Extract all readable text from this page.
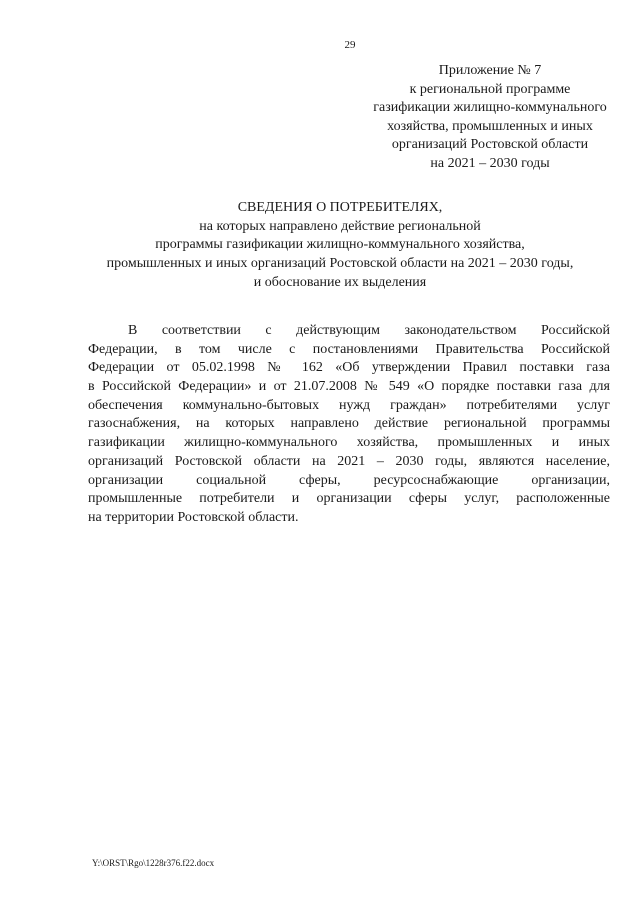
29
Приложение № 7
к региональной программе
газификации жилищно-коммунального
хозяйства, промышленных и иных
организаций Ростовской области
на 2021 – 2030 годы
СВЕДЕНИЯ О ПОТРЕБИТЕЛЯХ,
на которых направлено действие региональной
программы газификации жилищно-коммунального хозяйства,
промышленных и иных организаций Ростовской области на 2021 – 2030 годы,
и обоснование их выделения
В соответствии с действующим законодательством Российской
Федерации, в том числе с постановлениями Правительства Российской
Федерации от 05.02.1998 № 162 «Об утверждении Правил поставки газа
в Российской Федерации» и от 21.07.2008 № 549 «О порядке поставки газа для
обеспечения коммунально-бытовых нужд граждан» потребителями услуг
газоснабжения, на которых направлено действие региональной программы
газификации жилищно-коммунального хозяйства, промышленных и иных
организаций Ростовской области на 2021 – 2030 годы, являются население,
организации социальной сферы, ресурсоснабжающие организации,
промышленные потребители и организации сферы услуг, расположенные
на территории Ростовской области.
Y:\ORST\Rgo\1228r376.f22.docx
